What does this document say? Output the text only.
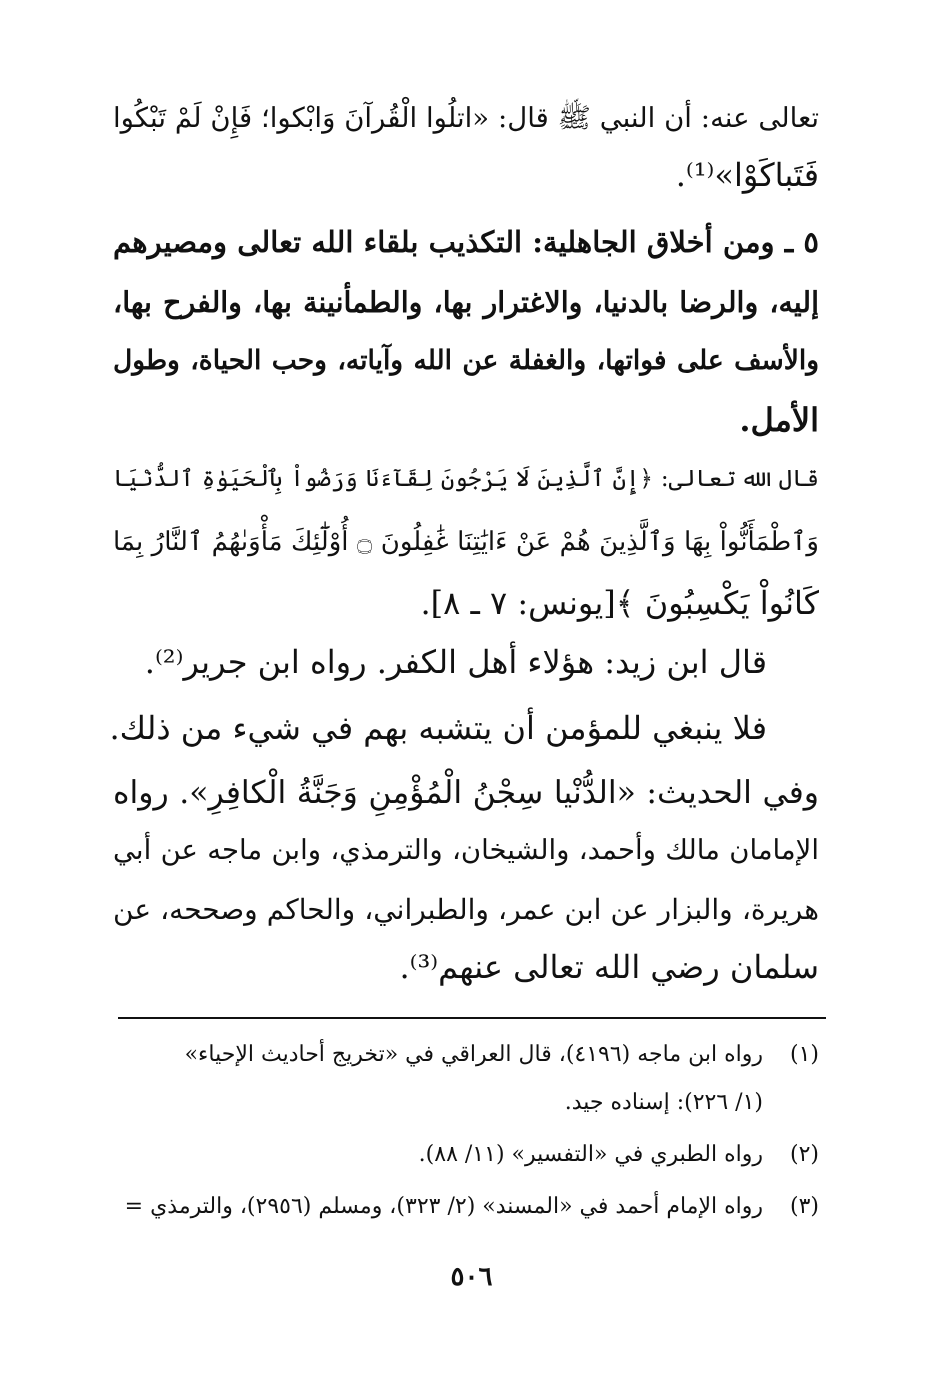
تعالى عنه: أن النبي ﷺ قال: «اتلُوا الْقُرآنَ وَابْكوا؛ فَإِنْ لَمْ تَبْكُوا
فَتَباكَوْا»⁽¹⁾.
٥ ـ ومن أخلاق الجاهلية: التكذيب بلقاء الله تعالى ومصيرهم
إليه، والرضا بالدنيا، والاغترار بها، والطمأنينة بها، والفرح بها،
والأسف على فواتها، والغفلة عن الله وآياته، وحب الحياة، وطول
الأمل.
قال الله تعالى: ﴿إِنَّ ٱلَّذِينَ لَا يَرْجُونَ لِقَآءَنَا وَرَضُواْ بِٱلْحَيَوٰةِ ٱلدُّنْيَا
وَٱطْمَأَنُّواْ بِهَا وَٱلَّذِينَ هُمْ عَنْ ءَايَٰتِنَا غَٰفِلُونَ ۝ أُوْلَٰٓئِكَ مَأْوَىٰهُمُ ٱلنَّارُ بِمَا
كَانُواْ يَكْسِبُونَ ﴾[يونس: ٧ ـ ٨].
قال ابن زيد: هؤلاء أهل الكفر. رواه ابن جرير⁽²⁾.
فلا ينبغي للمؤمن أن يتشبه بهم في شيء من ذلك.
وفي الحديث: «الدُّنْيا سِجْنُ الْمُؤْمِنِ وَجَنَّةُ الْكافِرِ». رواه
الإمامان مالك وأحمد، والشيخان، والترمذي، وابن ماجه عن أبي
هريرة، والبزار عن ابن عمر، والطبراني، والحاكم وصححه، عن
سلمان رضي الله تعالى عنهم⁽³⁾.
(١)رواه ابن ماجه (٤١٩٦)، قال العراقي في «تخريج أحاديث الإحياء»
(١/ ٢٢٦): إسناده جيد.
(٢)رواه الطبري في «التفسير» (١١/ ٨٨).
(٣)رواه الإمام أحمد في «المسند» (٢/ ٣٢٣)، ومسلم (٢٩٥٦)، والترمذي =
٥٠٦
